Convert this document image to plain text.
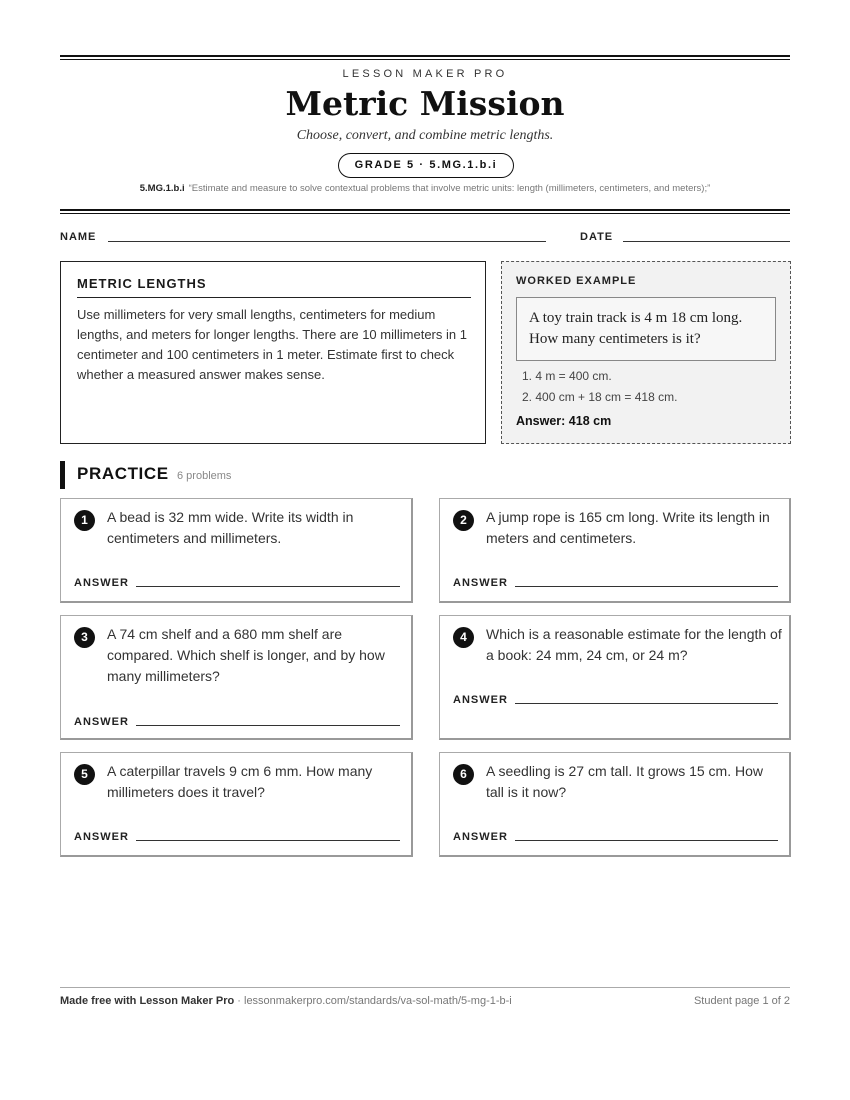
LESSON MAKER PRO
Metric Mission
Choose, convert, and combine metric lengths.
GRADE 5 · 5.MG.1.b.i
5.MG.1.b.i “Estimate and measure to solve contextual problems that involve metric units: length (millimeters, centimeters, and meters);”
NAME	DATE
METRIC LENGTHS
Use millimeters for very small lengths, centimeters for medium lengths, and meters for longer lengths. There are 10 millimeters in 1 centimeter and 100 centimeters in 1 meter. Estimate first to check whether a measured answer makes sense.
WORKED EXAMPLE
A toy train track is 4 m 18 cm long. How many centimeters is it?
1. 4 m = 400 cm.
2. 400 cm + 18 cm = 418 cm.
Answer: 418 cm
PRACTICE 6 problems
1	A bead is 32 mm wide. Write its width in centimeters and millimeters.
ANSWER
2	A jump rope is 165 cm long. Write its length in meters and centimeters.
ANSWER
3	A 74 cm shelf and a 680 mm shelf are compared. Which shelf is longer, and by how many millimeters?
ANSWER
4	Which is a reasonable estimate for the length of a book: 24 mm, 24 cm, or 24 m?
ANSWER
5	A caterpillar travels 9 cm 6 mm. How many millimeters does it travel?
ANSWER
6	A seedling is 27 cm tall. It grows 15 cm. How tall is it now?
ANSWER
Made free with Lesson Maker Pro · lessonmakerpro.com/standards/va-sol-math/5-mg-1-b-i	Student page 1 of 2
